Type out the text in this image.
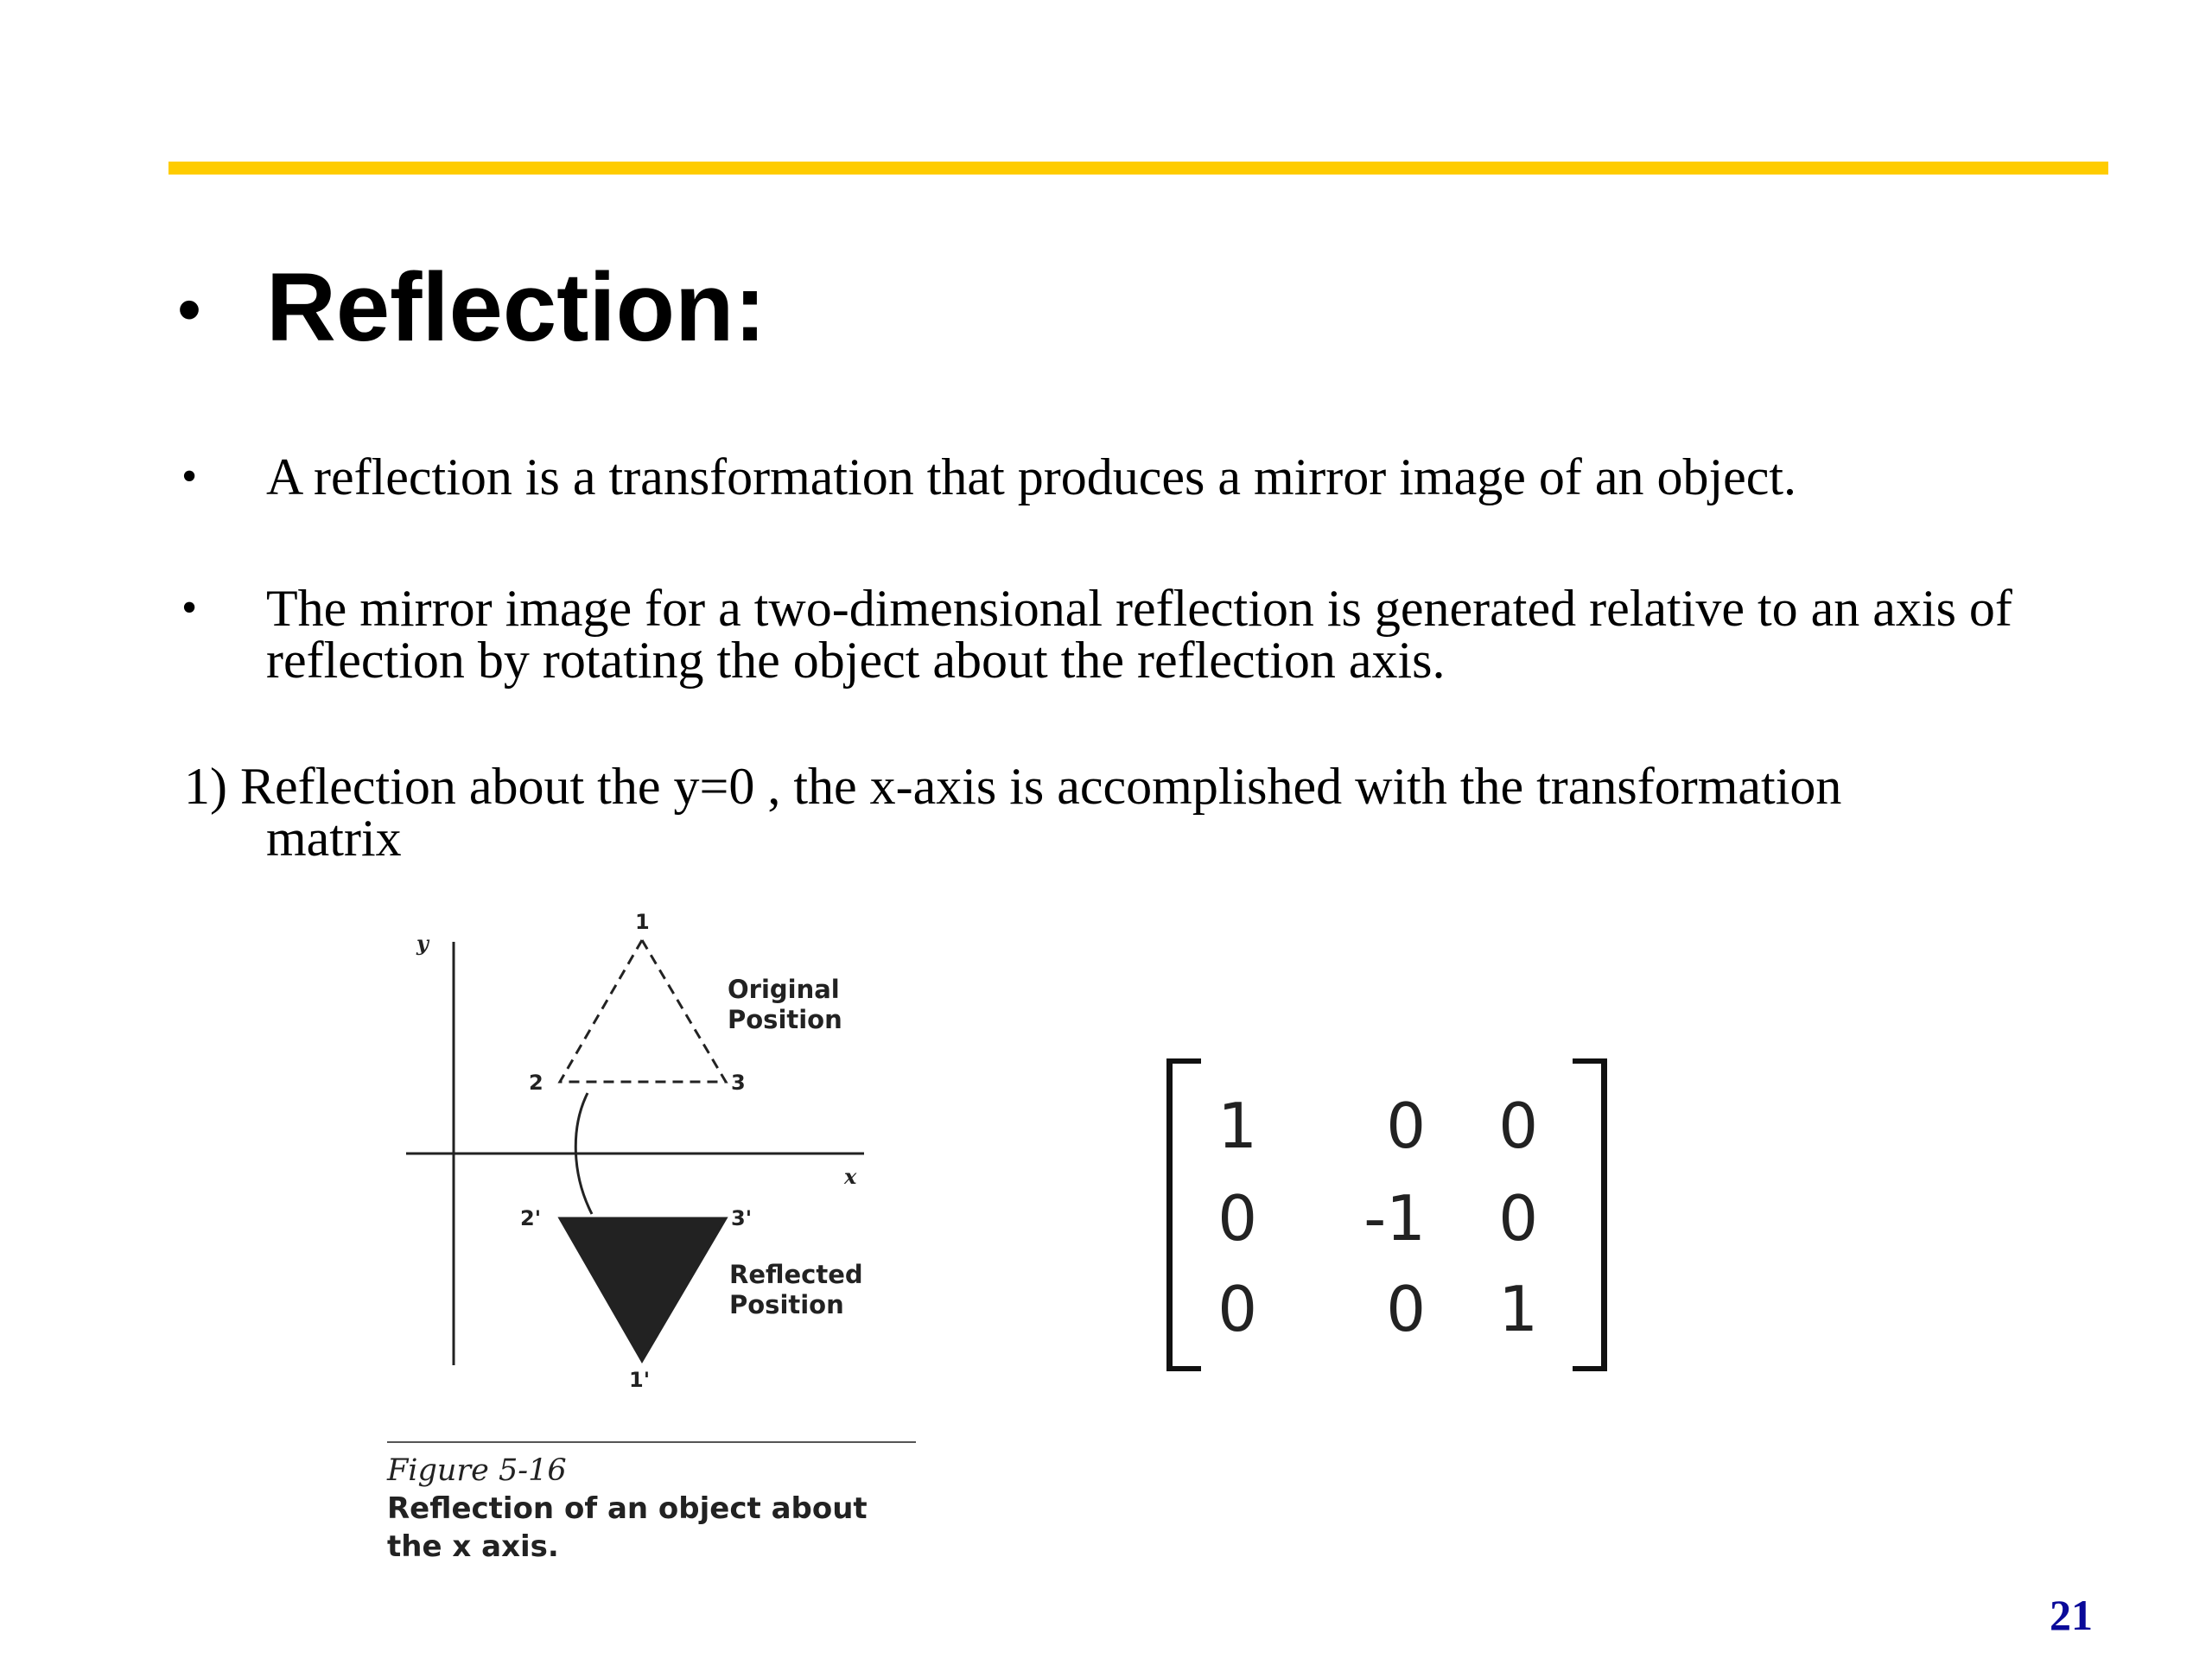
• Reflection:
• A reflection is a transformation that produces a mirror image of an object.
• The mirror image for a two-dimensional reflection is generated relative to an axis of reflection by rotating the object about the reflection axis.
1) Reflection about the y=0 , the x-axis is accomplished with the transformation
matrix
y
x
1
2	3
Original
Position
2'	3'
1'
Reflected
Position
Figure 5-16
Reflection of an object about
the x axis.
1	0	0
0	-1	0
0	0	1
21
